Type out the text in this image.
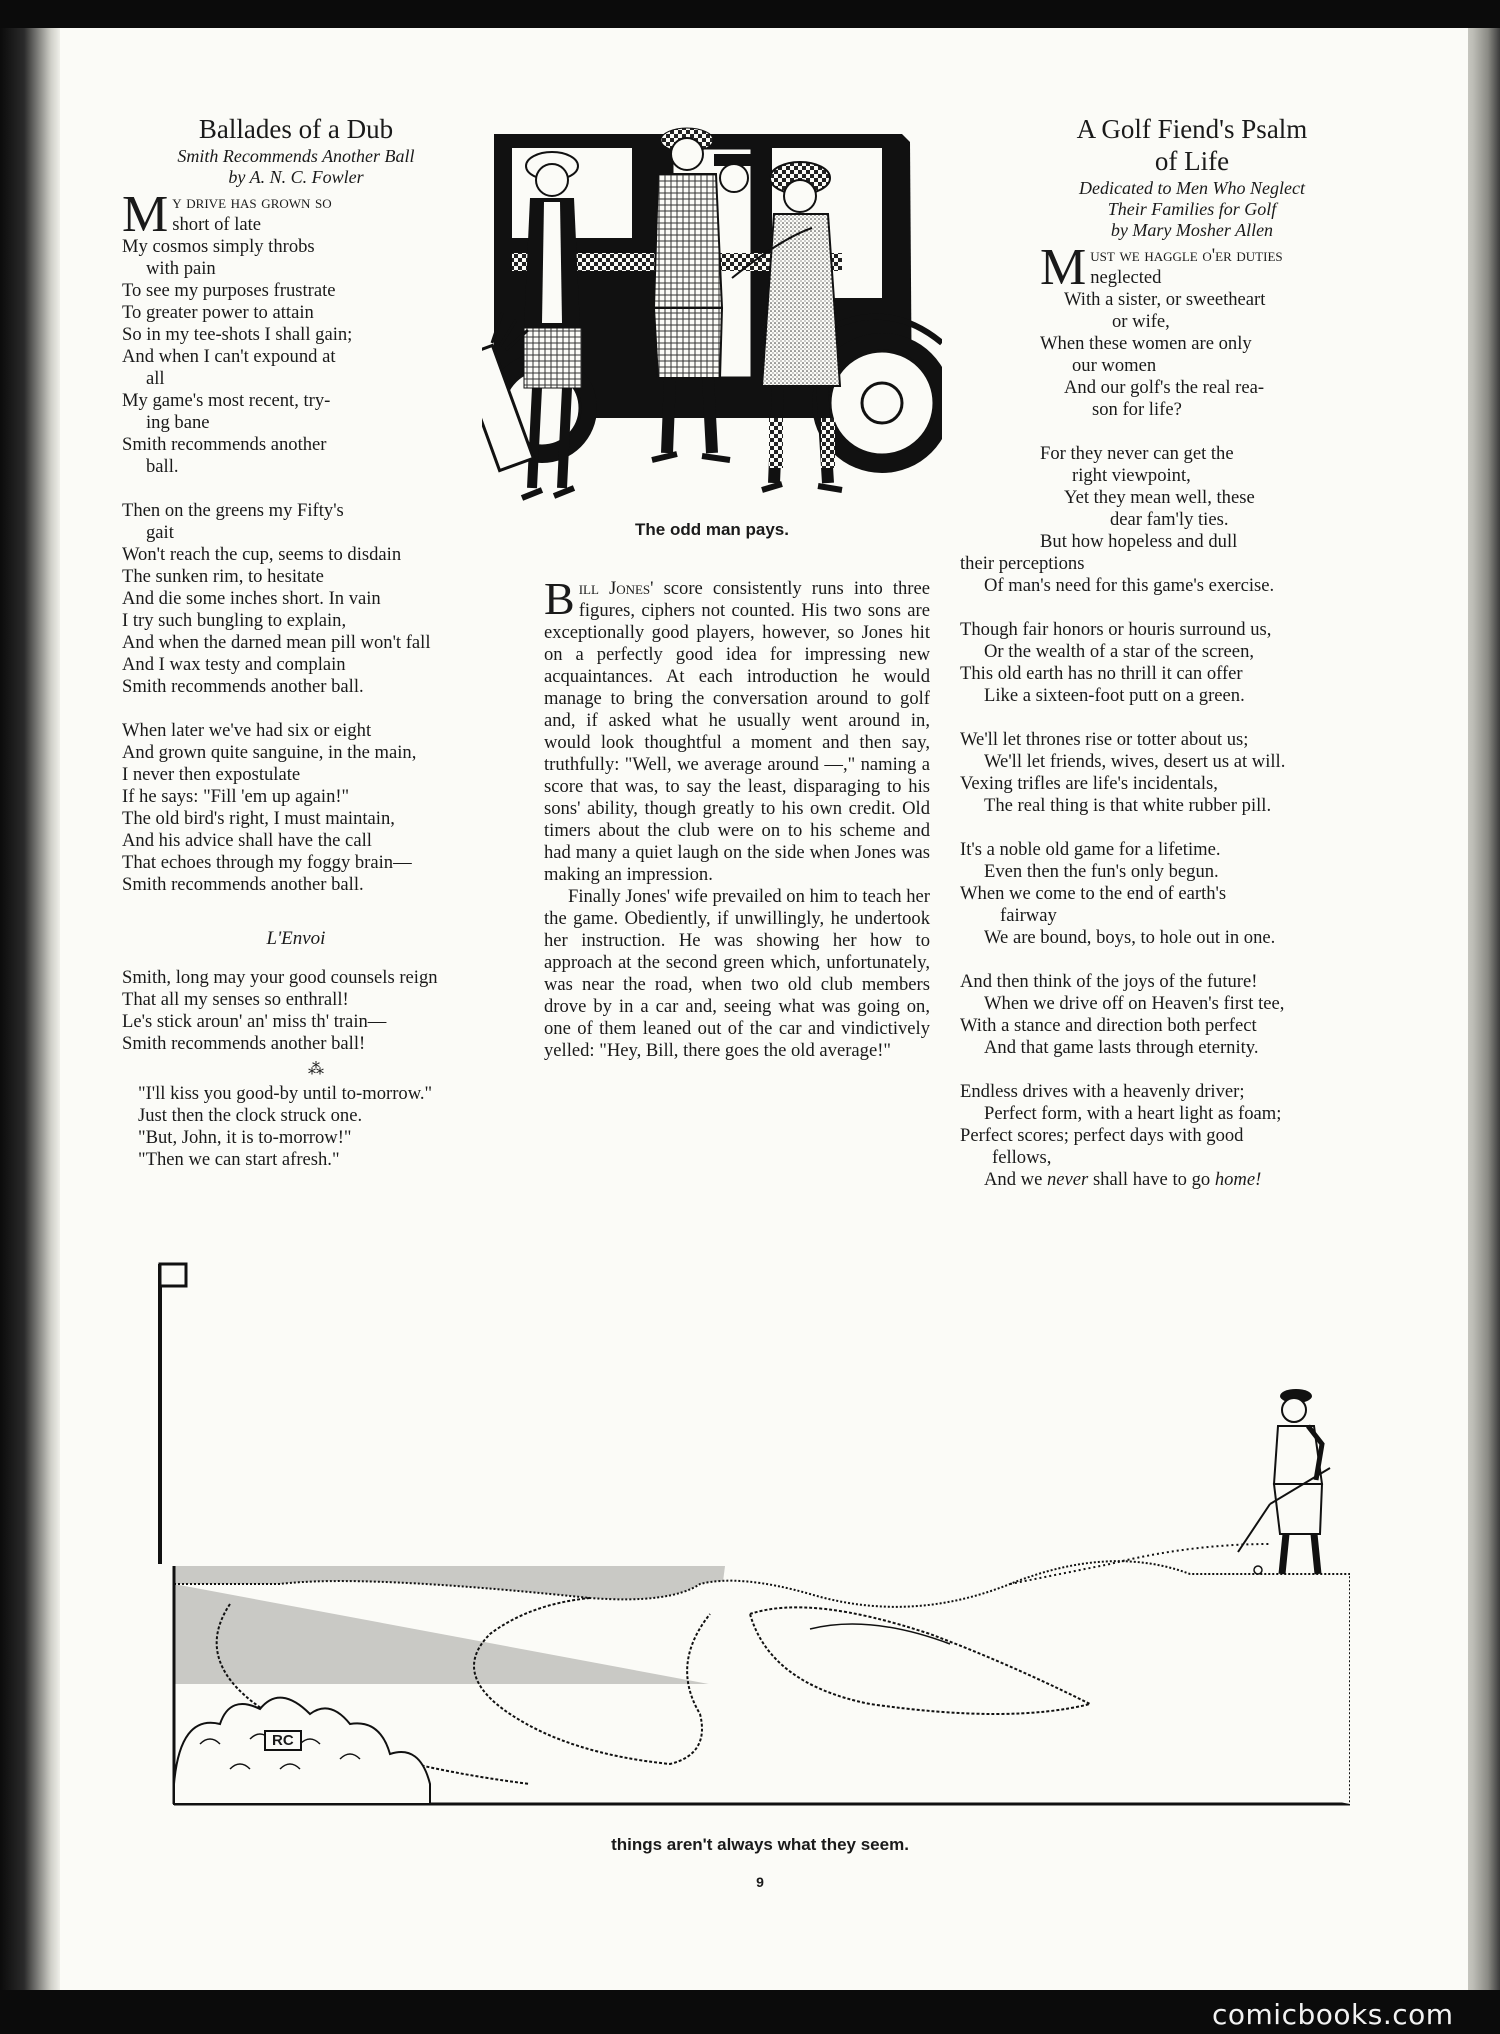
Ballades of a Dub
Smith Recommends Another Ball
by A. N. C. Fowler
M y drive has grown so
short of late
My cosmos simply throbs
with pain
To see my purposes frustrate
To greater power to attain
So in my tee-shots I shall gain;
And when I can't expound at
all
My game's most recent, try-
ing bane
Smith recommends another
ball.
Then on the greens my Fifty's
gait
Won't reach the cup, seems to disdain
The sunken rim, to hesitate
And die some inches short. In vain
I try such bungling to explain,
And when the darned mean pill won't fall
And I wax testy and complain
Smith recommends another ball.
When later we've had six or eight
And grown quite sanguine, in the main,
I never then expostulate
If he says: "Fill 'em up again!"
The old bird's right, I must maintain,
And his advice shall have the call
That echoes through my foggy brain—
Smith recommends another ball.
L'Envoi
Smith, long may your good counsels reign
That all my senses so enthrall!
Le's stick aroun' an' miss th' train—
Smith recommends another ball!
⁂
"I'll kiss you good-by until to-morrow."
Just then the clock struck one.
"But, John, it is to-morrow!"
"Then we can start afresh."
The odd man pays.

Bill Jones' score consistently runs into three figures, ciphers not counted. His two sons are exceptionally good players, however, so Jones hit on a perfectly good idea for impressing new acquaintances. At each introduction he would manage to bring the conversation around to golf and, if asked what he usually went around in, would look thoughtful a moment and then say, truthfully: "Well, we average around —," naming a score that was, to say the least, disparaging to his sons' ability, though greatly to his own credit. Old timers about the club were on to his scheme and had many a quiet laugh on the side when Jones was making an impression.

Finally Jones' wife prevailed on him to teach her the game. Obediently, if unwillingly, he undertook her instruction. He was showing her how to approach at the second green which, unfortunately, was near the road, when two old club members drove by in a car and, seeing what was going on, one of them leaned out of the car and vindictively yelled: "Hey, Bill, there goes the old average!"

A Golf Fiend's Psalm
of Life
Dedicated to Men Who Neglect
Their Families for Golf
by Mary Mosher Allen
M ust we haggle o'er duties
neglected
With a sister, or sweetheart
or wife,
When these women are only
our women
And our golf's the real rea-
son for life?
For they never can get the
right viewpoint,
Yet they mean well, these
dear fam'ly ties.
But how hopeless and dull
their perceptions
Of man's need for this game's exercise.
Though fair honors or houris surround us,
Or the wealth of a star of the screen,
This old earth has no thrill it can offer
Like a sixteen-foot putt on a green.
We'll let thrones rise or totter about us;
We'll let friends, wives, desert us at will.
Vexing trifles are life's incidentals,
The real thing is that white rubber pill.
It's a noble old game for a lifetime.
Even then the fun's only begun.
When we come to the end of earth's
fairway
We are bound, boys, to hole out in one.
And then think of the joys of the future!
When we drive off on Heaven's first tee,
With a stance and direction both perfect
And that game lasts through eternity.
Endless drives with a heavenly driver;
Perfect form, with a heart light as foam;
Perfect scores; perfect days with good
fellows,
And we never shall have to go home!
RC
things aren't always what they seem.
9
comicbooks.com
